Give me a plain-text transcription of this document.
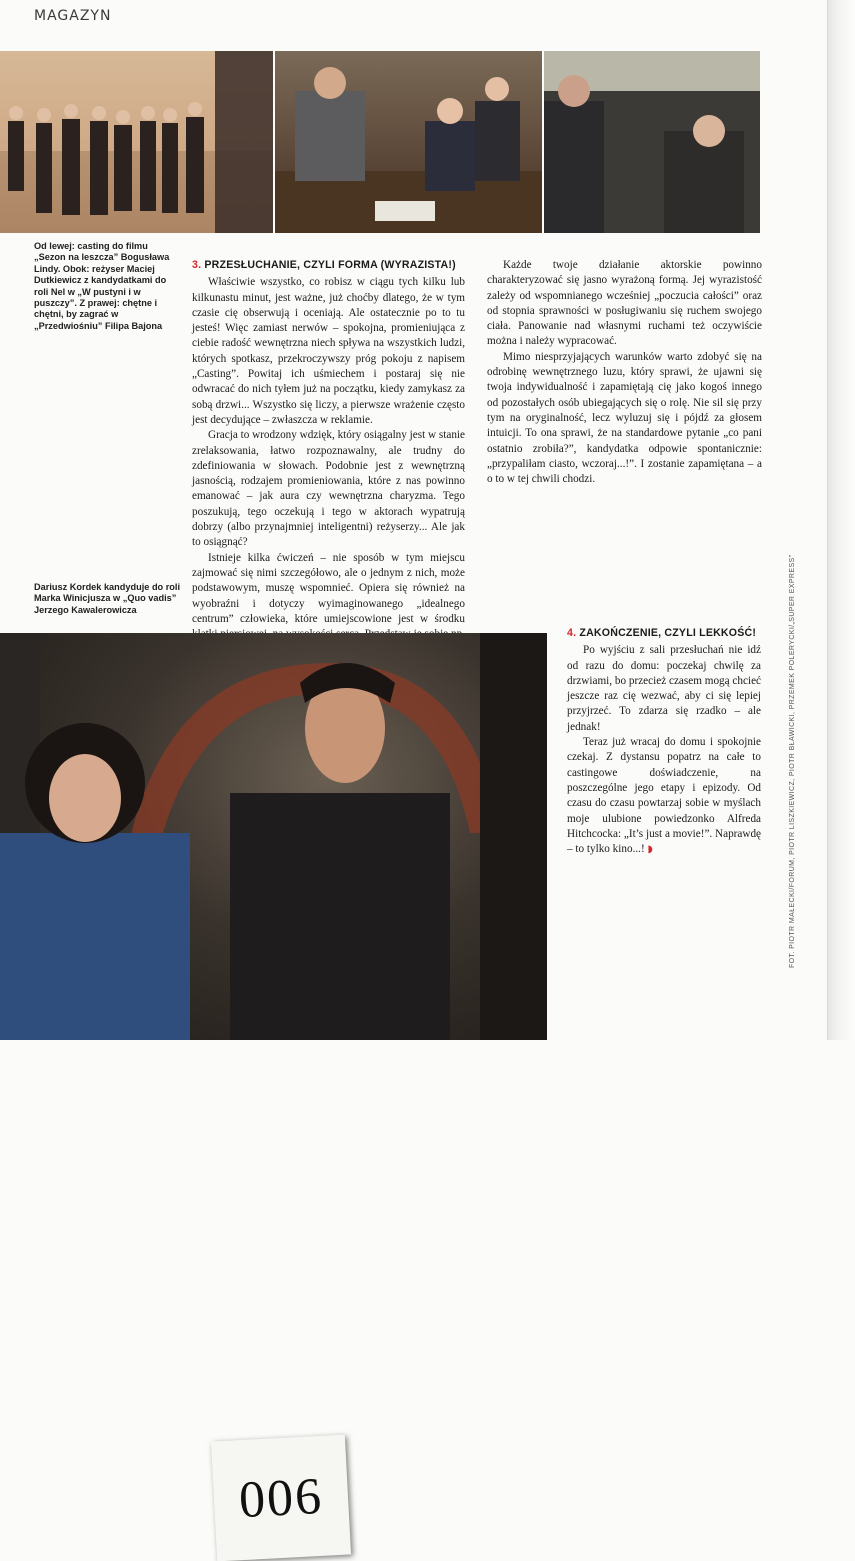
MAGAZYN
Od lewej: casting do filmu „Sezon na leszcza” Bogusława Lindy. Obok: reżyser Maciej Dutkiewicz z kandydatkami do roli Nel w „W pustyni i w puszczy”. Z prawej: chętne i chętni, by zagrać w „Przedwiośniu” Filipa Bajona
3. PRZESŁUCHANIE, CZYLI FORMA (WYRAZISTA!)

Właściwie wszystko, co robisz w ciągu tych kilku lub kilkunastu minut, jest ważne, już choćby dlatego, że w tym czasie cię obserwują i oceniają. Ale ostatecznie po to tu jesteś! Więc zamiast nerwów – spokojna, promieniująca z ciebie radość wewnętrzna niech spływa na wszystkich ludzi, których spotkasz, przekroczywszy próg pokoju z napisem „Casting”. Powitaj ich uśmiechem i postaraj się nie odwracać do nich tyłem już na początku, kiedy zamykasz za sobą drzwi... Wszystko się liczy, a pierwsze wrażenie często jest decydujące – zwłaszcza w reklamie.

Gracja to wrodzony wdzięk, który osiągalny jest w stanie zrelaksowania, łatwo rozpoznawalny, ale trudny do zdefiniowania w słowach. Podobnie jest z wewnętrzną jasnością, rodzajem promieniowania, które z nas powinno emanować – jak aura czy wewnętrzna charyzma. Tego poszukują, tego oczekują i tego w aktorach wypatrują dobrzy (albo przynajmniej inteligentni) reżyserzy... Ale jak to osiągnąć?

Istnieje kilka ćwiczeń – nie sposób w tym miejscu zajmować się nimi szczegółowo, ale o jednym z nich, może podstawowym, muszę wspomnieć. Opiera się również na wyobraźni i dotyczy wyimaginowanego „idealnego centrum” człowieka, które umiejscowione jest w środku

Każde twoje działanie aktorskie powinno charakteryzować się jasno wyrażoną formą. Jej wyrazistość zależy od wspomnianego wcześniej „poczucia całości” oraz od stopnia sprawności w posługiwaniu się ruchem swojego ciała. Panowanie nad własnymi ruchami też oczywiście można i należy wypracować.

Mimo niesprzyjających warunków warto zdobyć się na odrobinę wewnętrznego luzu, który sprawi, że ujawni się twoja indywidualność i zapamiętają cię jako kogoś innego od pozostałych osób ubiegających się o rolę. Nie sil się przy tym na oryginalność, lecz wyluzuj się i pójdź za głosem intuicji. To ona sprawi, że na standardowe pytanie „co pani ostatnio zrobiła?”, kandydatka odpowie spontanicznie: „przypaliłam ciasto, wczoraj...!”. I zostanie zapamiętana – a o to w tej chwili chodzi.

Dariusz Kordek kandyduje do roli Marka Winicjusza w „Quo vadis” Jerzego Kawalerowicza
006
4. ZAKOŃCZENIE, CZYLI LEKKOŚĆ!

Po wyjściu z sali przesłuchań nie idź od razu do domu: poczekaj chwilę za drzwiami, bo przecież czasem mogą chcieć jeszcze raz cię wezwać, aby ci się lepiej przyjrzeć. To zdarza się rzadko – ale jednak!

Teraz już wracaj do domu i spokojnie czekaj. Z dystansu popatrz na całe to castingowe doświadczenie, na poszczególne jego etapy i epizody. Od czasu do czasu powtarzaj sobie w myślach moje ulubione powiedzonko Alfreda Hitchcocka: „It’s just a movie!”. Naprawdę – to tylko kino...! ◗	FOT. PIOTR MAŁECKI/FORUM, PIOTR LISZKIEWICZ, PIOTR BŁAWICKI, PRZEMEK POLERYCKI/„SUPER EXPRESS”
